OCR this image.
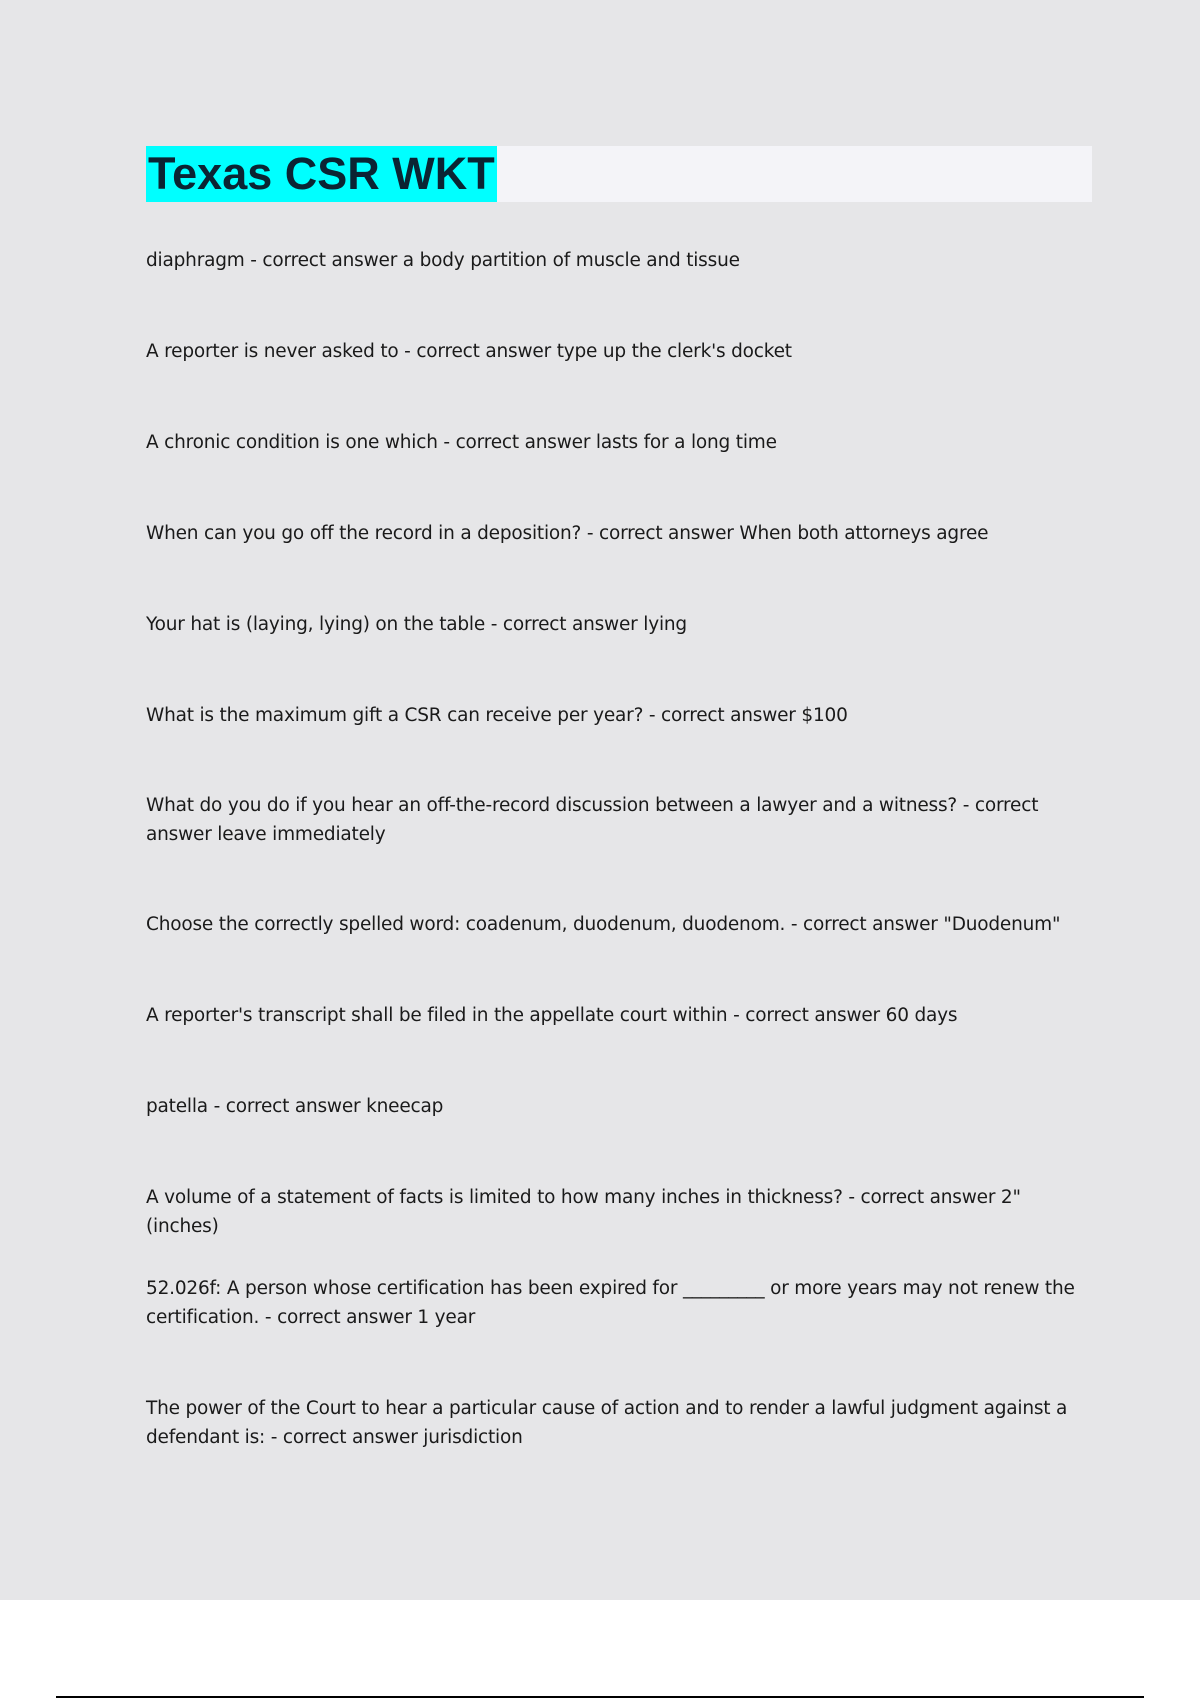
Texas CSR WKT
diaphragm - correct answer a body partition of muscle and tissue
A reporter is never asked to - correct answer type up the clerk's docket
A chronic condition is one which - correct answer lasts for a long time
When can you go off the record in a deposition? - correct answer When both attorneys agree
Your hat is (laying, lying) on the table - correct answer lying
What is the maximum gift a CSR can receive per year? - correct answer $100
What do you do if you hear an off-the-record discussion between a lawyer and a witness? - correct answer leave immediately
Choose the correctly spelled word: coadenum, duodenum, duodenom. - correct answer "Duodenum"
A reporter's transcript shall be filed in the appellate court within - correct answer 60 days
patella - correct answer kneecap
A volume of a statement of facts is limited to how many inches in thickness? - correct answer 2" (inches)
52.026f: A person whose certification has been expired for _________ or more years may not renew the certification. - correct answer 1 year
The power of the Court to hear a particular cause of action and to render a lawful judgment against a defendant is: - correct answer jurisdiction
